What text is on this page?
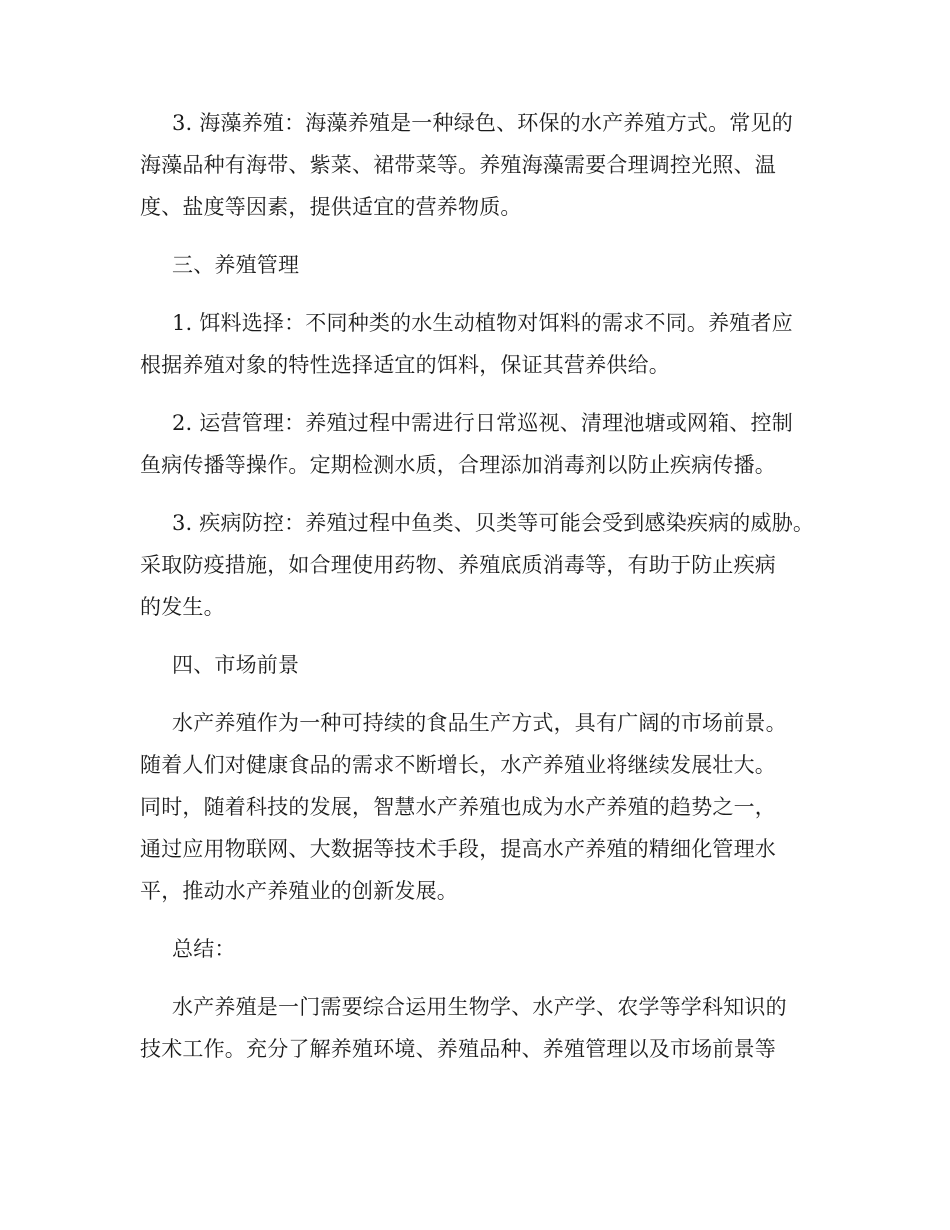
3. 海藻养殖：海藻养殖是一种绿色、环保的水产养殖方式。常见的
海藻品种有海带、紫菜、裙带菜等。养殖海藻需要合理调控光照、温
度、盐度等因素，提供适宜的营养物质。
三、养殖管理
1. 饵料选择：不同种类的水生动植物对饵料的需求不同。养殖者应
根据养殖对象的特性选择适宜的饵料，保证其营养供给。
2. 运营管理：养殖过程中需进行日常巡视、清理池塘或网箱、控制
鱼病传播等操作。定期检测水质，合理添加消毒剂以防止疾病传播。
3. 疾病防控：养殖过程中鱼类、贝类等可能会受到感染疾病的威胁。
采取防疫措施，如合理使用药物、养殖底质消毒等，有助于防止疾病
的发生。
四、市场前景
水产养殖作为一种可持续的食品生产方式，具有广阔的市场前景。
随着人们对健康食品的需求不断增长，水产养殖业将继续发展壮大。
同时，随着科技的发展，智慧水产养殖也成为水产养殖的趋势之一，
通过应用物联网、大数据等技术手段，提高水产养殖的精细化管理水
平，推动水产养殖业的创新发展。
总结：
水产养殖是一门需要综合运用生物学、水产学、农学等学科知识的
技术工作。充分了解养殖环境、养殖品种、养殖管理以及市场前景等
